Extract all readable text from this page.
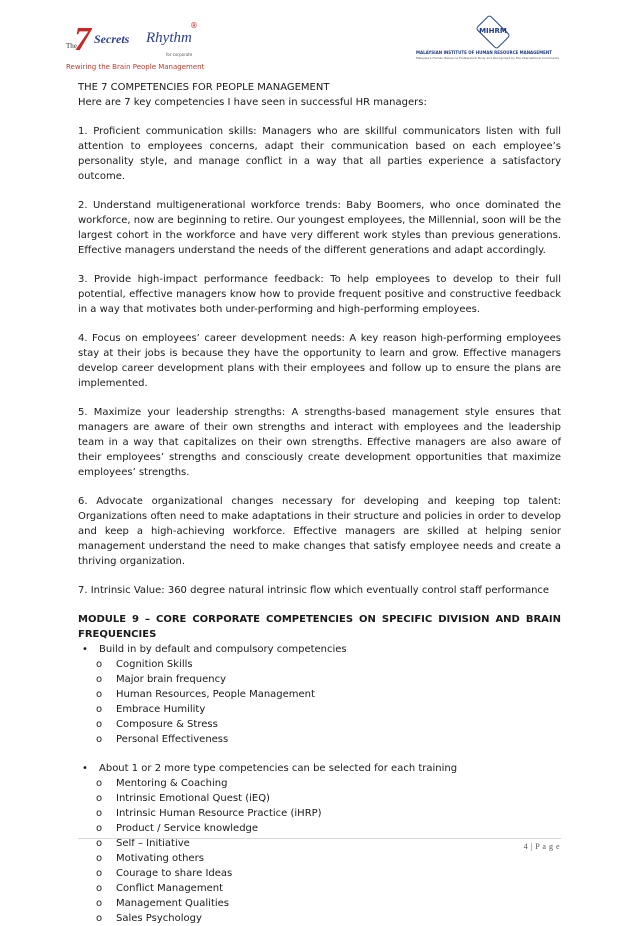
The
7 Secrets Rhythm
®
for corporate
Rewiring the Brain People Management
MIHRM
MALAYSIAN INSTITUTE OF HUMAN RESOURCE MANAGEMENT
Malaysia's Human Resource Professional Body and Recognised by the International Community

THE 7 COMPETENCIES FOR PEOPLE MANAGEMENT

Here are 7 key competencies I have seen in successful HR managers:

1. Proficient communication skills: Managers who are skillful communicators listen with full attention to employees concerns, adapt their communication based on each employee’s personality style, and manage conflict in a way that all parties experience a satisfactory outcome.

2. Understand multigenerational workforce trends: Baby Boomers, who once dominated the workforce, now are beginning to retire. Our youngest employees, the Millennial, soon will be the largest cohort in the workforce and have very different work styles than previous generations. Effective managers understand the needs of the different generations and adapt accordingly.

3. Provide high-impact performance feedback: To help employees to develop to their full potential, effective managers know how to provide frequent positive and constructive feedback in a way that motivates both under-performing and high-performing employees.

4. Focus on employees’ career development needs: A key reason high-performing employees stay at their jobs is because they have the opportunity to learn and grow. Effective managers develop career development plans with their employees and follow up to ensure the plans are implemented.

5. Maximize your leadership strengths: A strengths-based management style ensures that managers are aware of their own strengths and interact with employees and the leadership team in a way that capitalizes on their own strengths. Effective managers are also aware of their employees’ strengths and consciously create development opportunities that maximize employees’ strengths.

6. Advocate organizational changes necessary for developing and keeping top talent: Organizations often need to make adaptations in their structure and policies in order to develop and keep a high-achieving workforce. Effective managers are skilled at helping senior management understand the need to make changes that satisfy employee needs and create a thriving organization.

7. Intrinsic Value: 360 degree natural intrinsic flow which eventually control staff performance

MODULE 9 – CORE CORPORATE COMPETENCIES ON SPECIFIC DIVISION AND BRAIN FREQUENCIES

• Build in by default and compulsory competencies
o Cognition Skills
o Major brain frequency
o Human Resources, People Management
o Embrace Humility
o Composure & Stress
o Personal Effectiveness
• About 1 or 2 more type competencies can be selected for each training
o Mentoring & Coaching
o Intrinsic Emotional Quest (iEQ)
o Intrinsic Human Resource Practice (iHRP)
o Product / Service knowledge
o Self – Initiative
o Motivating others
o Courage to share Ideas
o Conflict Management
o Management Qualities
o Sales Psychology
4 | P a g e
